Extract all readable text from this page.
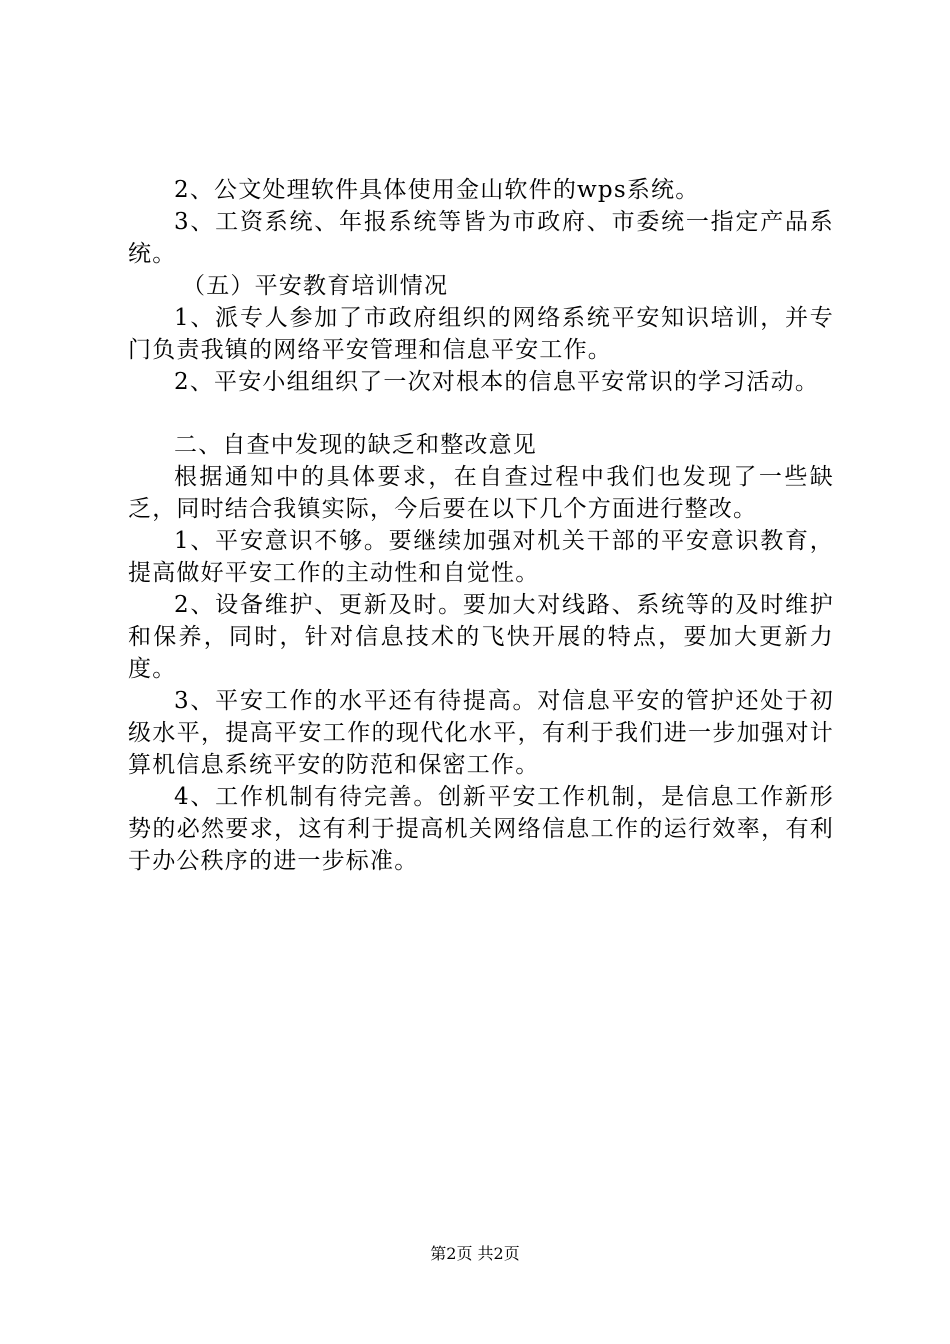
2、公文处理软件具体使用金山软件的wps系统。

3、工资系统、年报系统等皆为市政府、市委统一指定产品系统。

（五）平安教育培训情况

1、派专人参加了市政府组织的网络系统平安知识培训，并专门负责我镇的网络平安管理和信息平安工作。

2、平安小组组织了一次对根本的信息平安常识的学习活动。

二、自查中发现的缺乏和整改意见

根据通知中的具体要求，在自查过程中我们也发现了一些缺乏，同时结合我镇实际，今后要在以下几个方面进行整改。

1、平安意识不够。要继续加强对机关干部的平安意识教育，提高做好平安工作的主动性和自觉性。

2、设备维护、更新及时。要加大对线路、系统等的及时维护和保养，同时，针对信息技术的飞快开展的特点，要加大更新力度。

3、平安工作的水平还有待提高。对信息平安的管护还处于初级水平，提高平安工作的现代化水平，有利于我们进一步加强对计算机信息系统平安的防范和保密工作。

4、工作机制有待完善。创新平安工作机制，是信息工作新形势的必然要求，这有利于提高机关网络信息工作的运行效率，有利于办公秩序的进一步标准。

第2页 共2页
